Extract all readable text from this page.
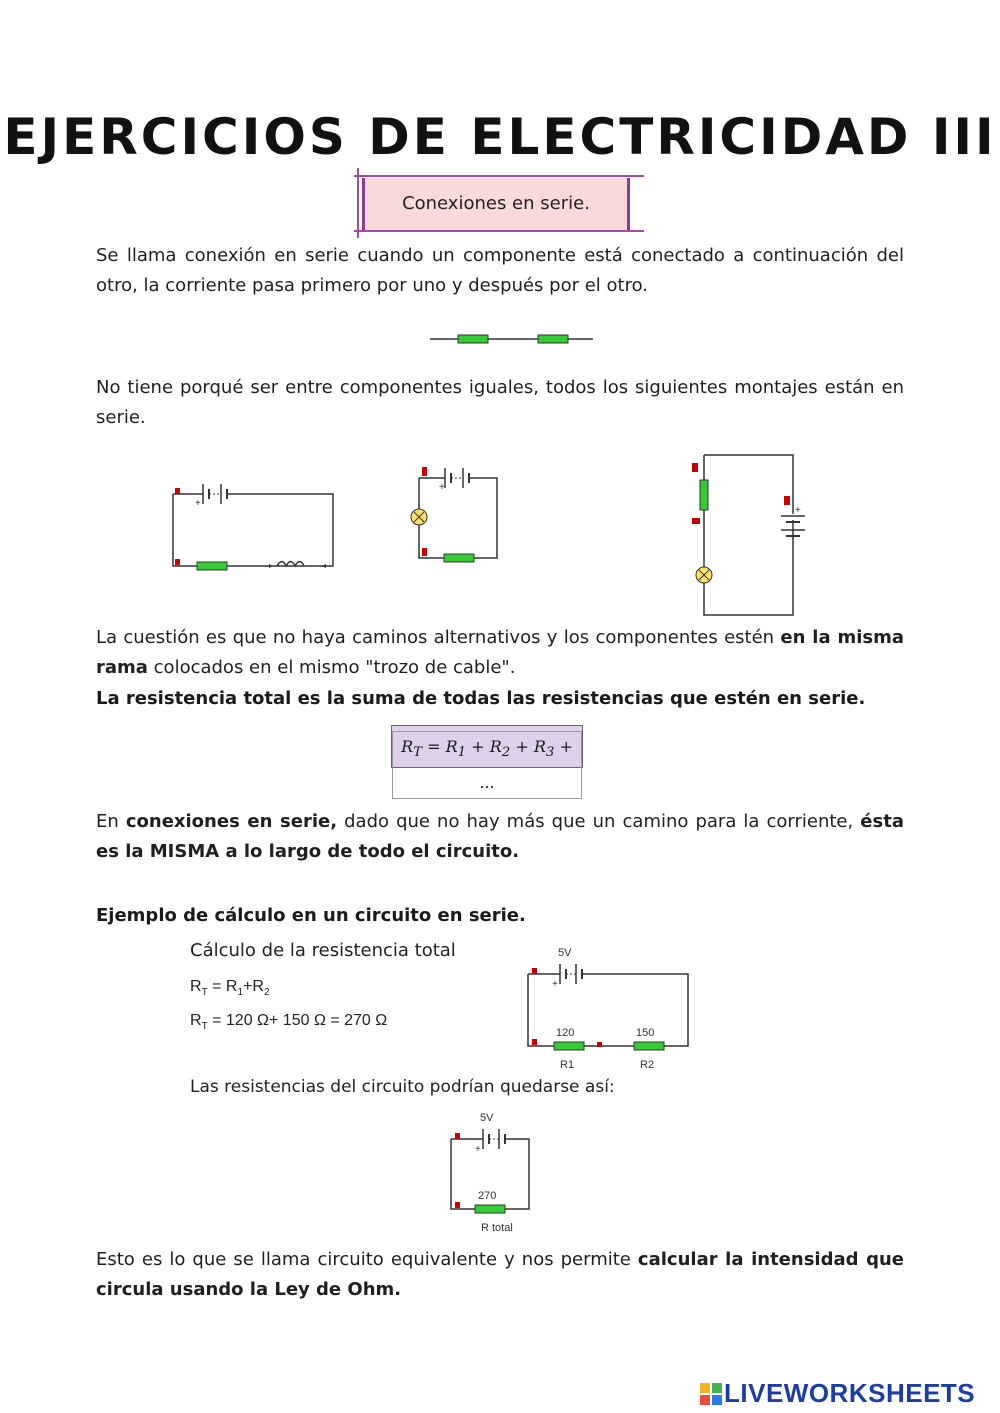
EJERCICIOS DE ELECTRICIDAD III
Conexiones en serie.
Se llama conexión en serie cuando un componente está conectado a continuación del otro, la corriente pasa primero por uno y después por el otro.
No tiene porqué ser entre componentes iguales, todos los siguientes montajes están en serie.
+
+
+
La cuestión es que no haya caminos alternativos y los componentes estén en la misma rama colocados en el mismo "trozo de cable".
La resistencia total es la suma de todas las resistencias que estén en serie.
$R_T = R_1 + R_2 + R_3$ + ...
En conexiones en serie, dado que no hay más que un camino para la corriente, ésta es la MISMA a lo largo de todo el circuito.
Ejemplo de cálculo en un circuito en serie.
Cálculo de la resistencia total
$R_T = R_1+R_2$
$R_T = 120$ Ω+ 150 Ω = 270 Ω
5V
+
120
R1
150
R2
Las resistencias del circuito podrían quedarse así:
5V
+
270
R total
Esto es lo que se llama circuito equivalente y nos permite calcular la intensidad que circula usando la Ley de Ohm.
LIVEWORKSHEETS
